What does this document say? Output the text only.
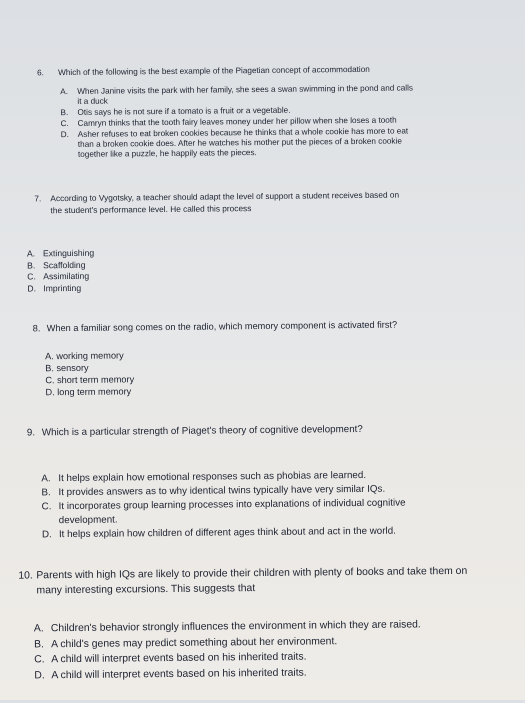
6.	Which of the following is the best example of the Piagetian concept of accommodation
A.	When Janine visits the park with her family, she sees a swan swimming in the pond and calls
it a duck
B.	Otis says he is not sure if a tomato is a fruit or a vegetable.
C.	Camryn thinks that the tooth fairy leaves money under her pillow when she loses a tooth
D.	Asher refuses to eat broken cookies because he thinks that a whole cookie has more to eat
than a broken cookie does. After he watches his mother put the pieces of a broken cookie
together like a puzzle, he happily eats the pieces.
7.	According to Vygotsky, a teacher should adapt the level of support a student receives based on
the student's performance level. He called this process
A. Extinguishing
B. Scaffolding
C. Assimilating
D. Imprinting
8. When a familiar song comes on the radio, which memory component is activated first?
A. working memory
B. sensory
C. short term memory
D. long term memory
9. Which is a particular strength of Piaget's theory of cognitive development?
A. It helps explain how emotional responses such as phobias are learned.
B. It provides answers as to why identical twins typically have very similar IQs.
C. It incorporates group learning processes into explanations of individual cognitive
development.
D. It helps explain how children of different ages think about and act in the world.
10. Parents with high IQs are likely to provide their children with plenty of books and take them on
many interesting excursions. This suggests that
A. Children's behavior strongly influences the environment in which they are raised.
B. A child's genes may predict something about her environment.
C. A child will interpret events based on his inherited traits.
D. A child will interpret events based on his inherited traits.
